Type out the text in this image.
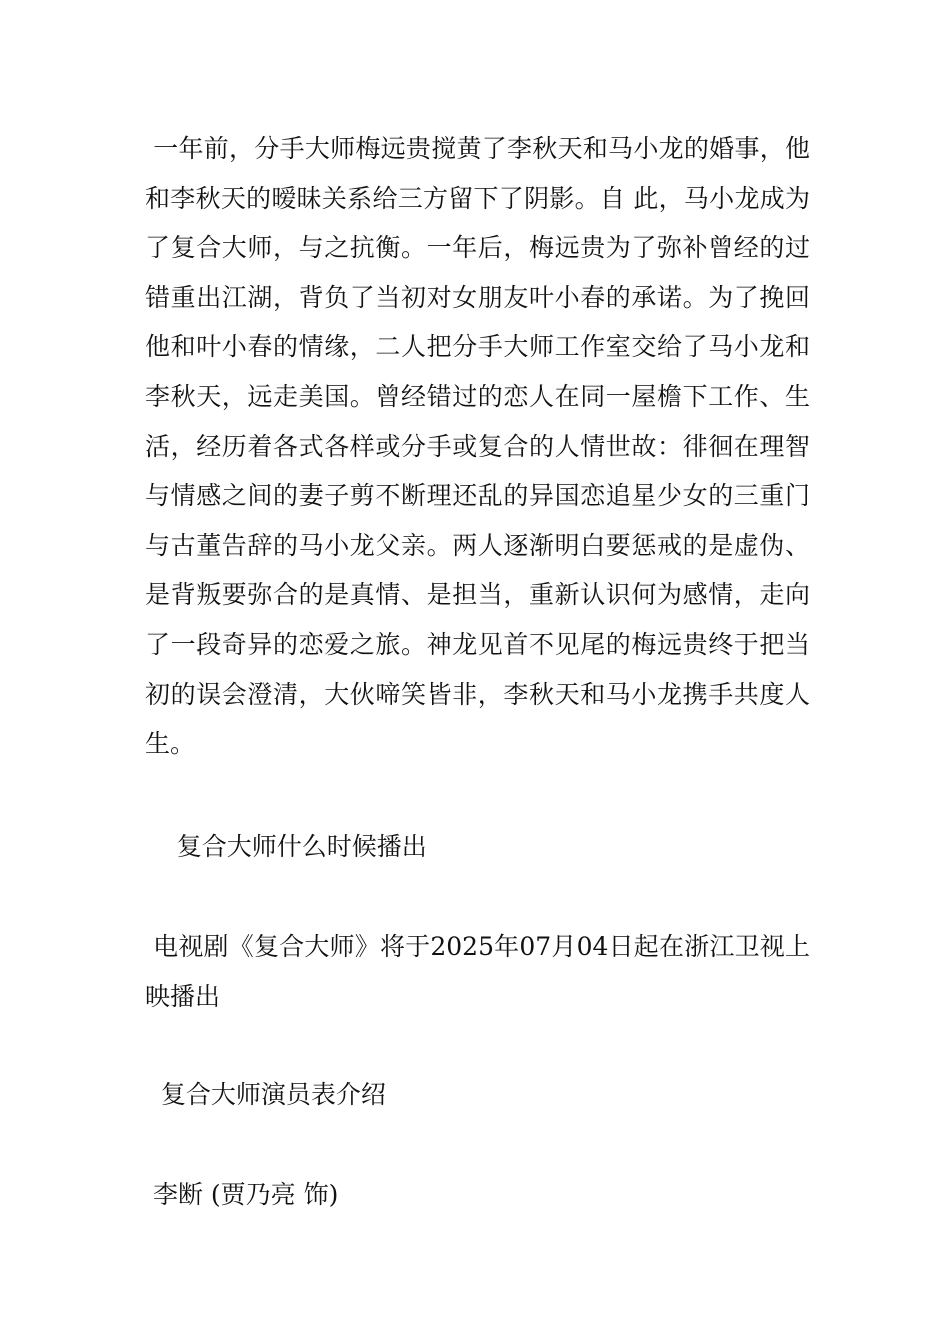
一年前，分手大师梅远贵搅黄了李秋天和马小龙的婚事，他和李秋天的暧昧关系给三方留下了阴影。自 此，马小龙成为了复合大师，与之抗衡。一年后，梅远贵为了弥补曾经的过错重出江湖，背负了当初对女朋友叶小春的承诺。为了挽回他和叶小春的情缘，二人把分手大师工作室交给了马小龙和李秋天，远走美国。曾经错过的恋人在同一屋檐下工作、生活，经历着各式各样或分手或复合的人情世故：徘徊在理智与情感之间的妻子剪不断理还乱的异国恋追星少女的三重门与古董告辞的马小龙父亲。两人逐渐明白要惩戒的是虚伪、是背叛要弥合的是真情、是担当，重新认识何为感情，走向了一段奇异的恋爱之旅。神龙见首不见尾的梅远贵终于把当初的误会澄清，大伙啼笑皆非，李秋天和马小龙携手共度人生。

复合大师什么时候播出

电视剧《复合大师》将于2025年07月04日起在浙江卫视上映播出

复合大师演员表介绍

李断 (贾乃亮 饰)
